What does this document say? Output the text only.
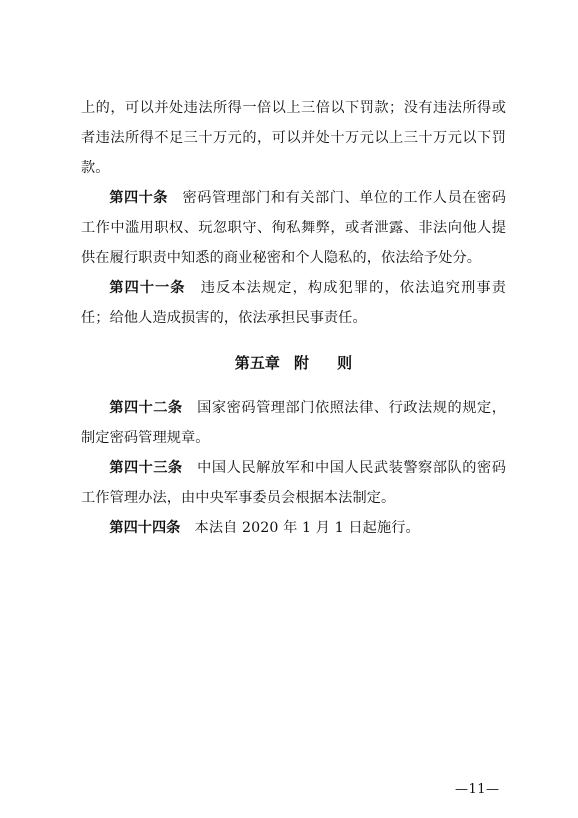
上的，可以并处违法所得一倍以上三倍以下罚款；没有违法所得或者违法所得不足三十万元的，可以并处十万元以上三十万元以下罚款。

第四十条 密码管理部门和有关部门、单位的工作人员在密码工作中滥用职权、玩忽职守、徇私舞弊，或者泄露、非法向他人提供在履行职责中知悉的商业秘密和个人隐私的，依法给予处分。

第四十一条 违反本法规定，构成犯罪的，依法追究刑事责任；给他人造成损害的，依法承担民事责任。

第五章 附 则

第四十二条 国家密码管理部门依照法律、行政法规的规定，制定密码管理规章。

第四十三条 中国人民解放军和中国人民武装警察部队的密码工作管理办法，由中央军事委员会根据本法制定。

第四十四条 本法自 2020 年 1 月 1 日起施行。

—11—
